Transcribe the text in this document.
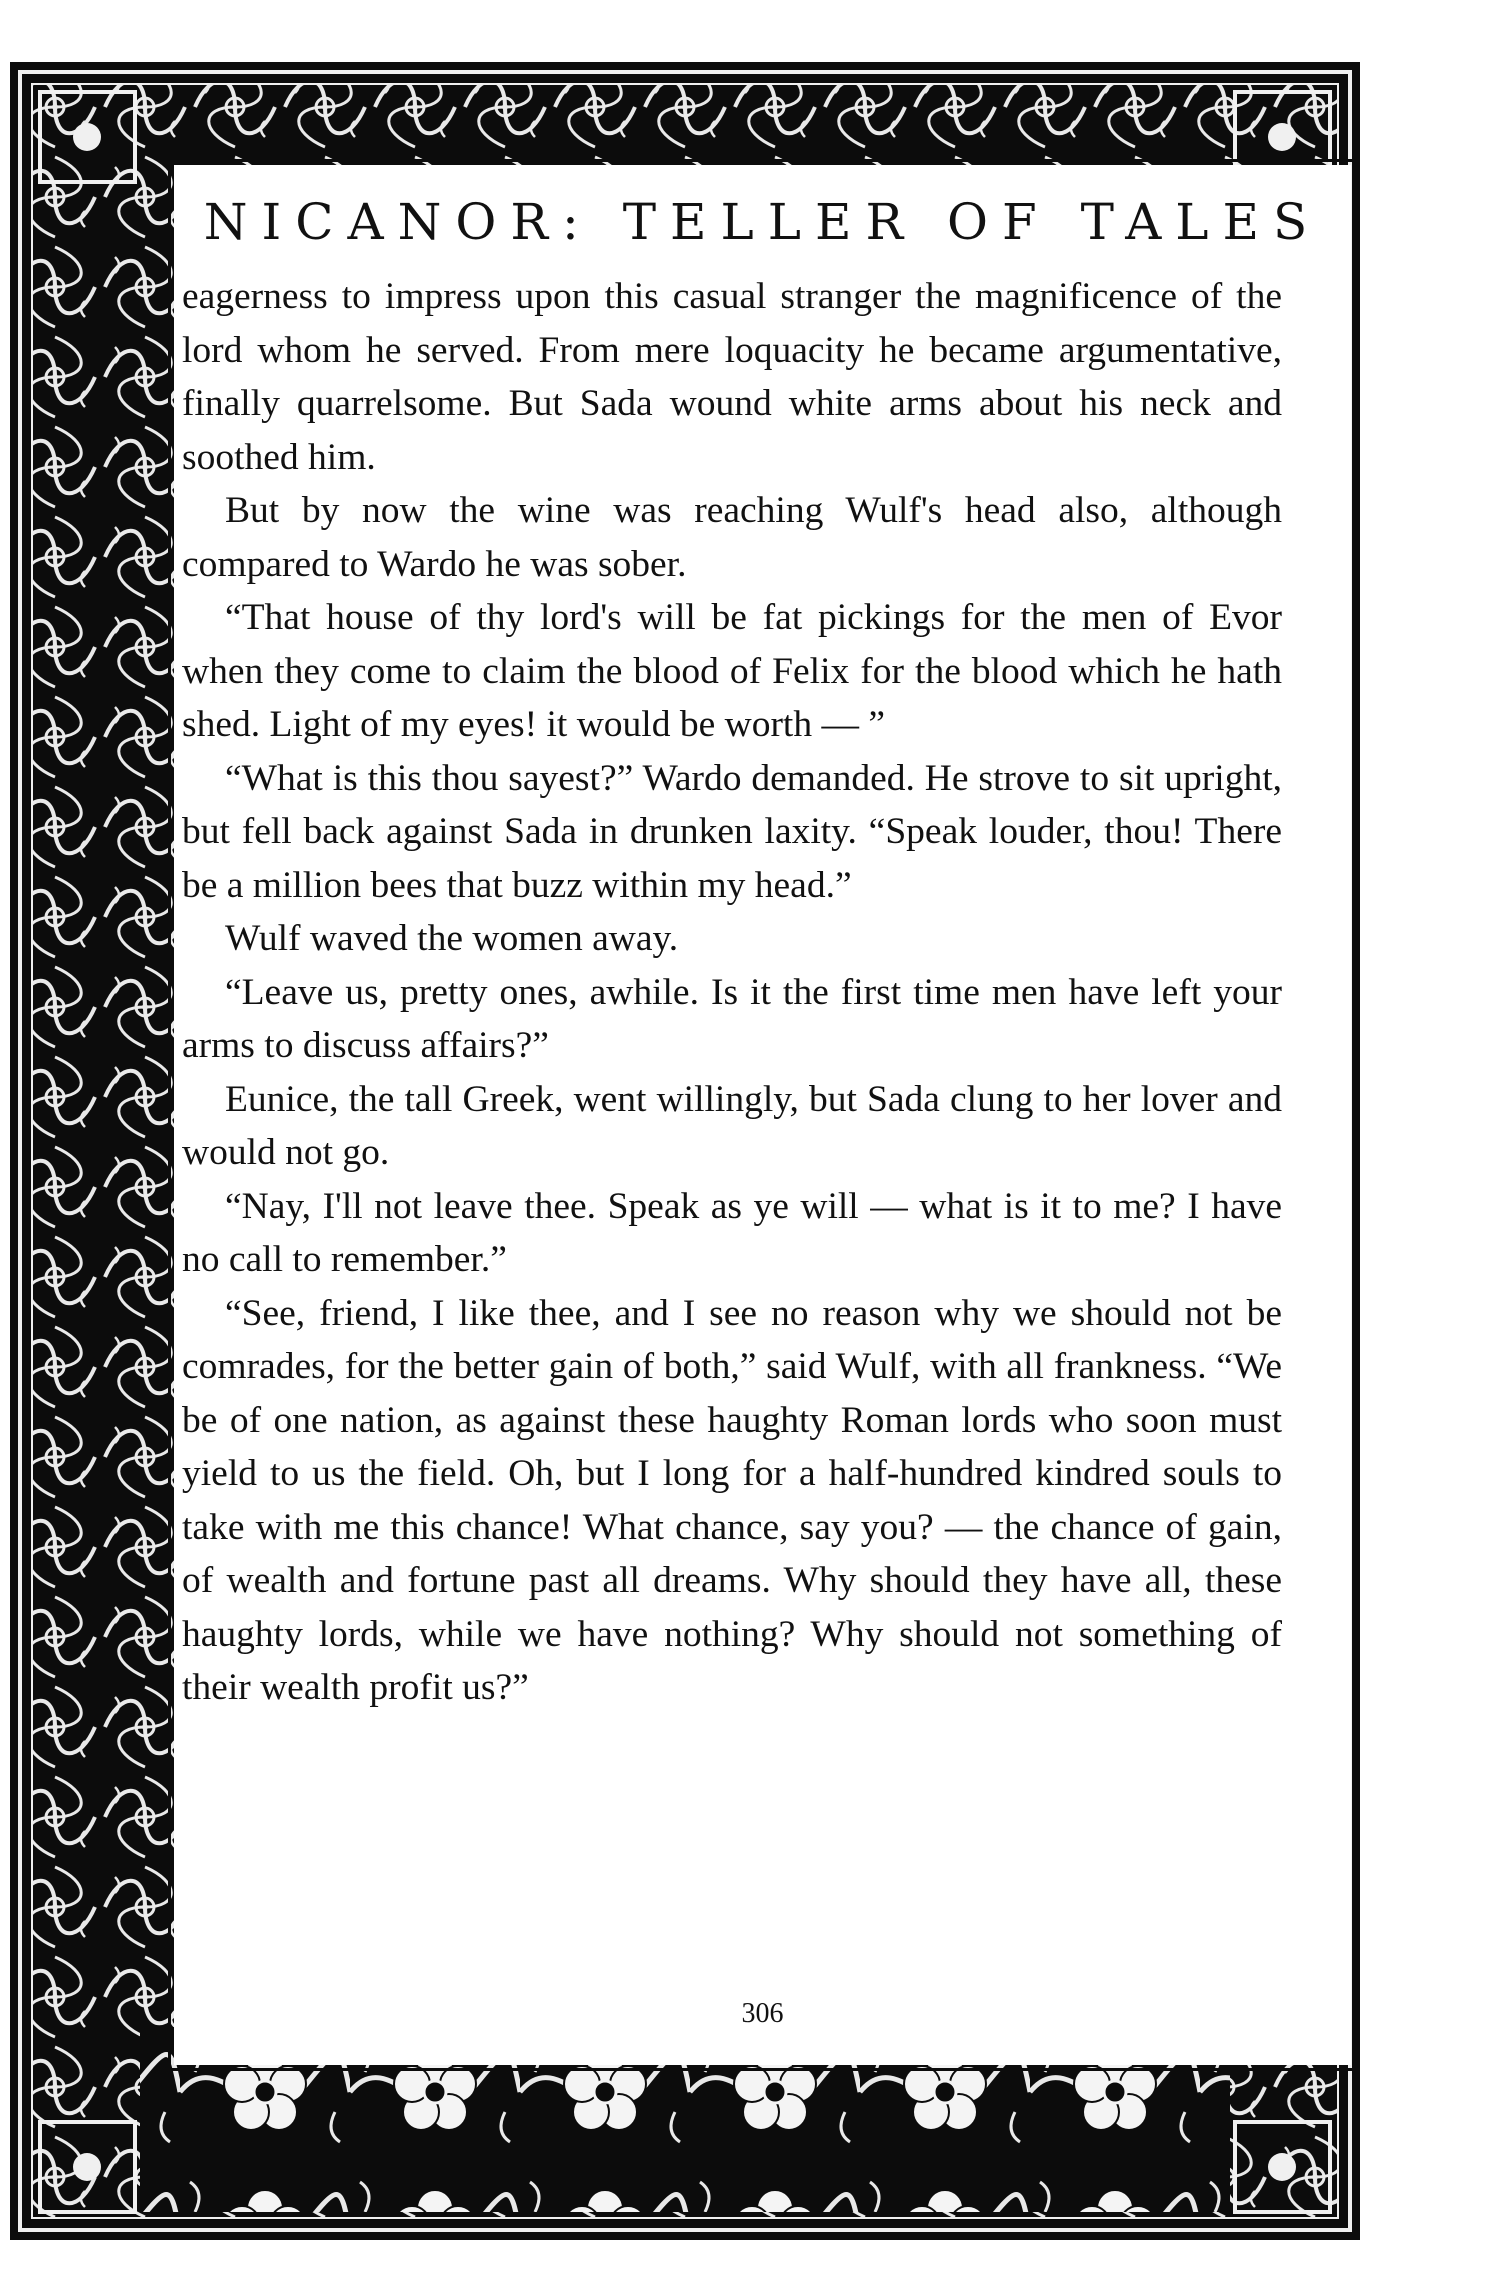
NICANOR: TELLER OF TALES

eagerness to impress upon this casual stranger the magnificence of the lord whom he served. From mere loquacity he became argumentative, finally quarrelsome. But Sada wound white arms about his neck and soothed him.

But by now the wine was reaching Wulf's head also, although compared to Wardo he was sober.

“That house of thy lord's will be fat pickings for the men of Evor when they come to claim the blood of Felix for the blood which he hath shed. Light of my eyes! it would be worth — ”

“What is this thou sayest?” Wardo demanded. He strove to sit upright, but fell back against Sada in drunken laxity. “Speak louder, thou! There be a million bees that buzz within my head.”

Wulf waved the women away.

“Leave us, pretty ones, awhile. Is it the first time men have left your arms to discuss affairs?”

Eunice, the tall Greek, went willingly, but Sada clung to her lover and would not go.

“Nay, I'll not leave thee. Speak as ye will — what is it to me? I have no call to remember.”

“See, friend, I like thee, and I see no reason why we should not be comrades, for the better gain of both,” said Wulf, with all frankness. “We be of one nation, as against these haughty Roman lords who soon must yield to us the field. Oh, but I long for a half-hundred kindred souls to take with me this chance! What chance, say you? — the chance of gain, of wealth and fortune past all dreams. Why should they have all, these haughty lords, while we have nothing? Why should not something of their wealth profit us?”

306
